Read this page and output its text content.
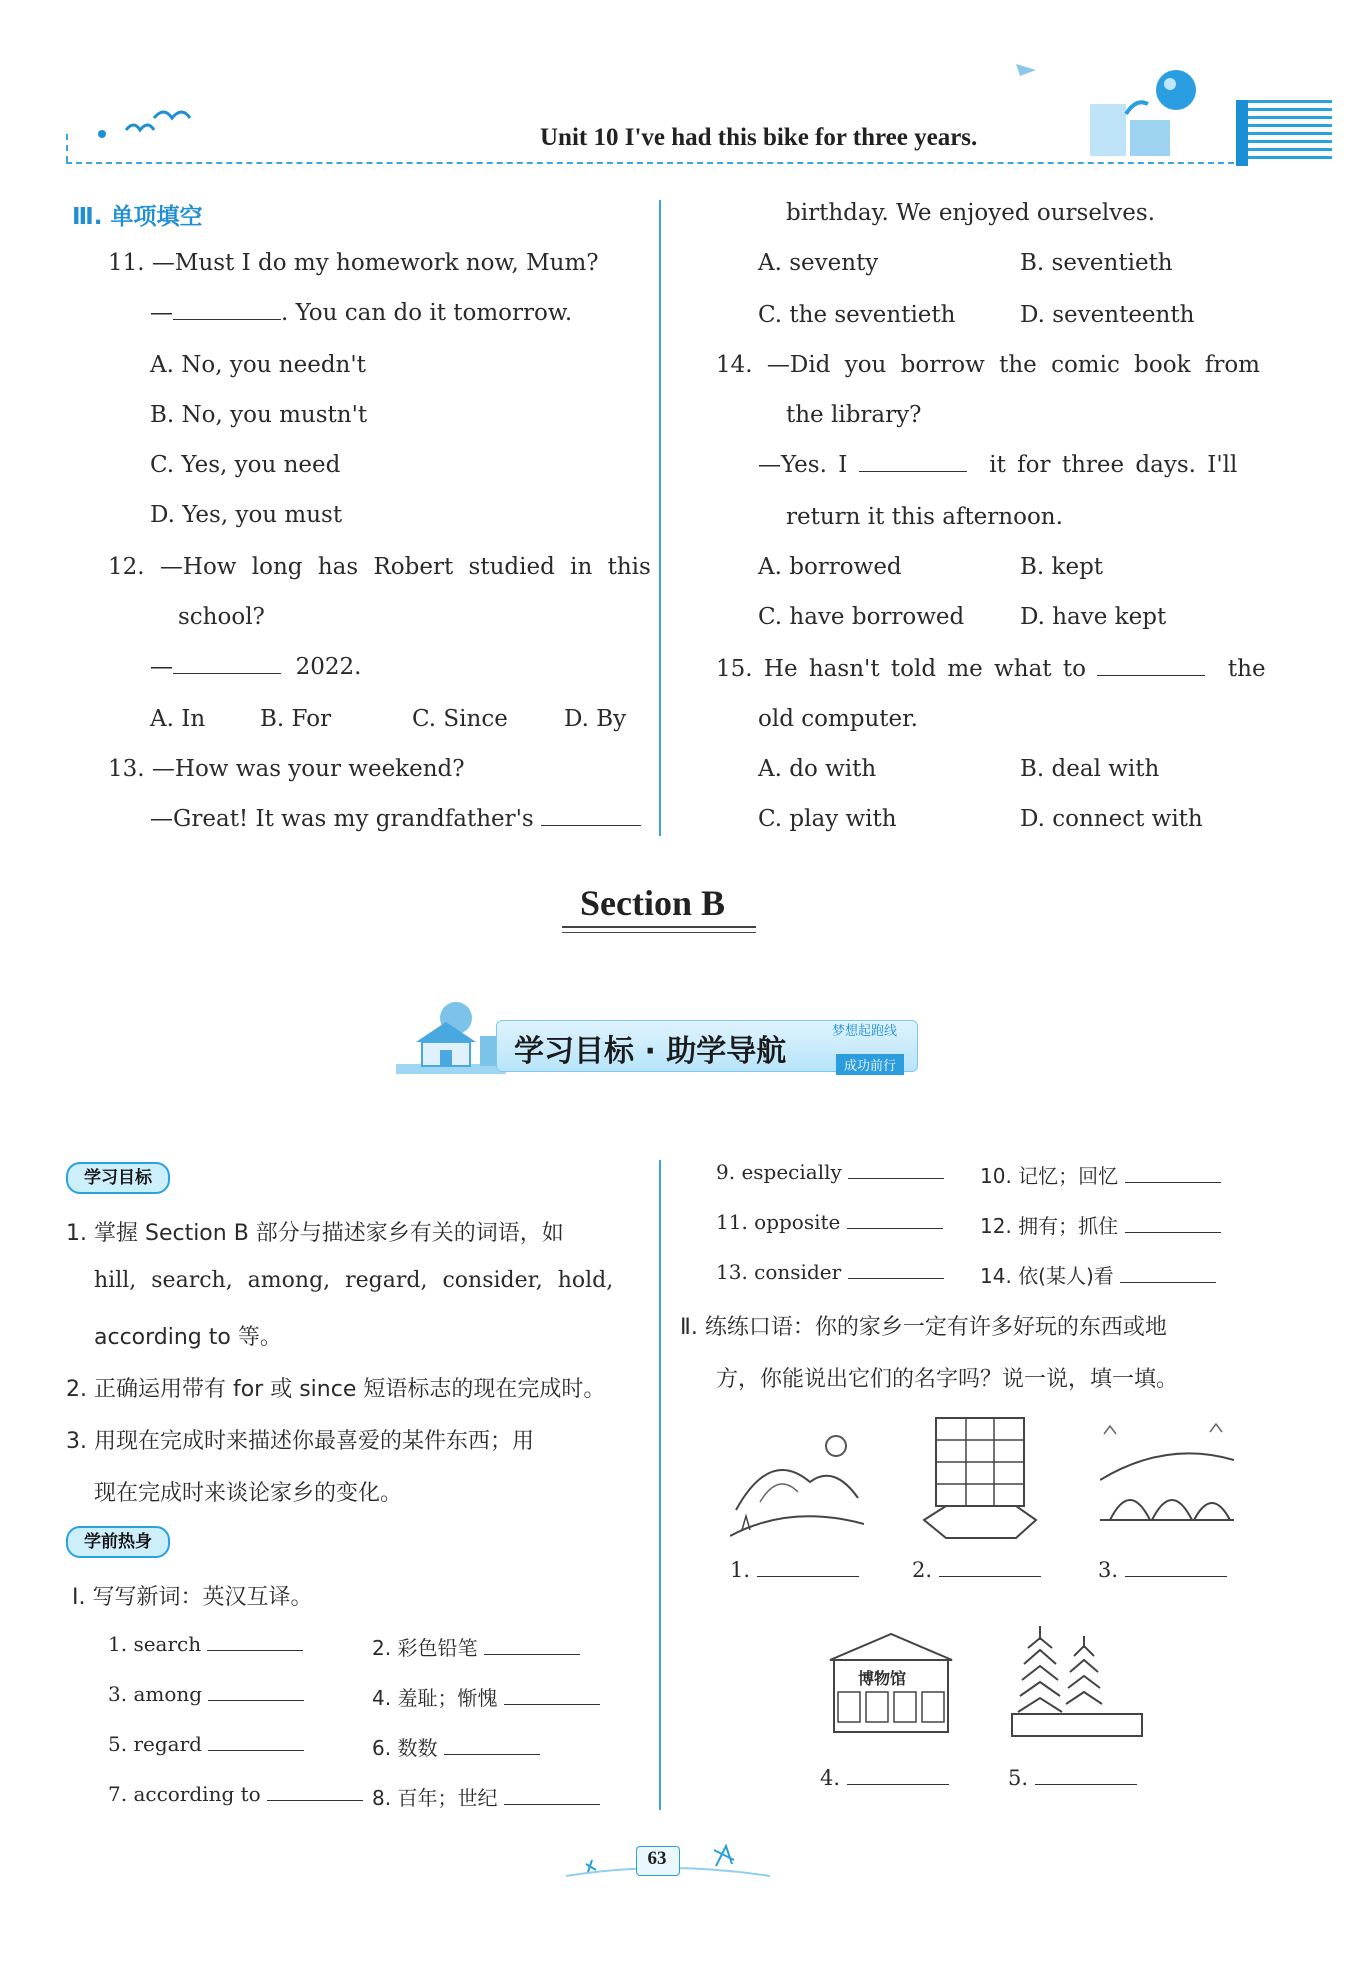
Unit 10 I've had this bike for three years.
Ⅲ. 单项填空
11. —Must I do my homework now, Mum?
—	. You can do it tomorrow.
A. No, you needn't
B. No, you mustn't
C. Yes, you need
D. Yes, you must
12. —How long has Robert studied in this
school?
—	2022.
A. In B. For	C. Since D. By
13. —How was your weekend?
—Great! It was my grandfather's
birthday. We enjoyed ourselves.
A. seventy	B. seventieth
C. the seventieth	D. seventeenth
14. —Did you borrow the comic book from
the library?
—Yes. I	it for three days. I'll
return it this afternoon.
A. borrowed	B. kept
C. have borrowed D. have kept
15. He hasn't told me what to	the
old computer.
A. do with	B. deal with
C. play with	D. connect with
Section B
学习目标 · 助学导航
梦想起跑线
成功前行
学习目标
1. 掌握 Section B 部分与描述家乡有关的词语，如
hill, search, among, regard, consider, hold,
according to 等。
2. 正确运用带有 for 或 since 短语标志的现在完成时。
3. 用现在完成时来描述你最喜爱的某件东西；用
现在完成时来谈论家乡的变化。
学前热身
Ⅰ. 写写新词：英汉互译。
1. search	2. 彩色铅笔
3. among	4. 羞耻；惭愧
5. regard	6. 数数
7. according to	8. 百年；世纪
9. especially	10. 记忆；回忆
11. opposite	12. 拥有；抓住
13. consider	14. 依(某人)看
Ⅱ. 练练口语：你的家乡一定有许多好玩的东西或地
方，你能说出它们的名字吗？说一说，填一填。
1.	2.	3.
博物馆
4.	5.
63
